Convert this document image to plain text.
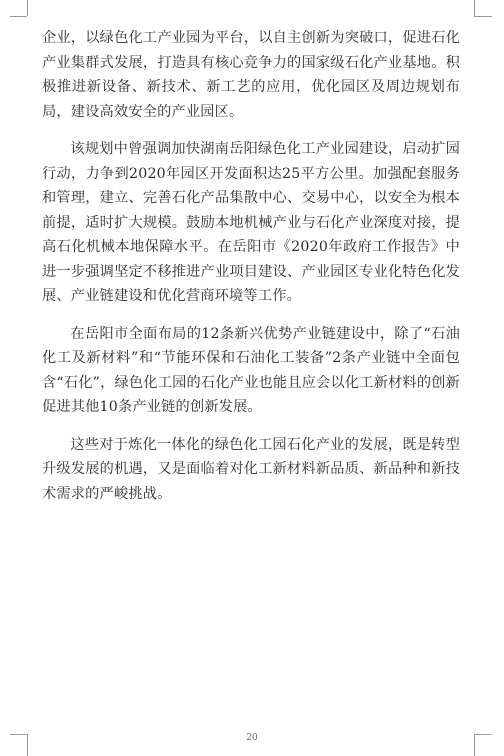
企业，以绿色化工产业园为平台，以自主创新为突破口，促进石化产业集群式发展，打造具有核心竞争力的国家级石化产业基地。积极推进新设备、新技术、新工艺的应用，优化园区及周边规划布局，建设高效安全的产业园区。

该规划中曾强调加快湖南岳阳绿色化工产业园建设，启动扩园行动，力争到2020年园区开发面积达25平方公里。加强配套服务和管理，建立、完善石化产品集散中心、交易中心，以安全为根本前提，适时扩大规模。鼓励本地机械产业与石化产业深度对接，提高石化机械本地保障水平。在岳阳市《2020年政府工作报告》中进一步强调坚定不移推进产业项目建设、产业园区专业化特色化发展、产业链建设和优化营商环境等工作。

在岳阳市全面布局的12条新兴优势产业链建设中，除了“石油化工及新材料”和“节能环保和石油化工装备”2条产业链中全面包含“石化”，绿色化工园的石化产业也能且应会以化工新材料的创新促进其他10条产业链的创新发展。

这些对于炼化一体化的绿色化工园石化产业的发展，既是转型升级发展的机遇，又是面临着对化工新材料新品质、新品种和新技术需求的严峻挑战。

20
